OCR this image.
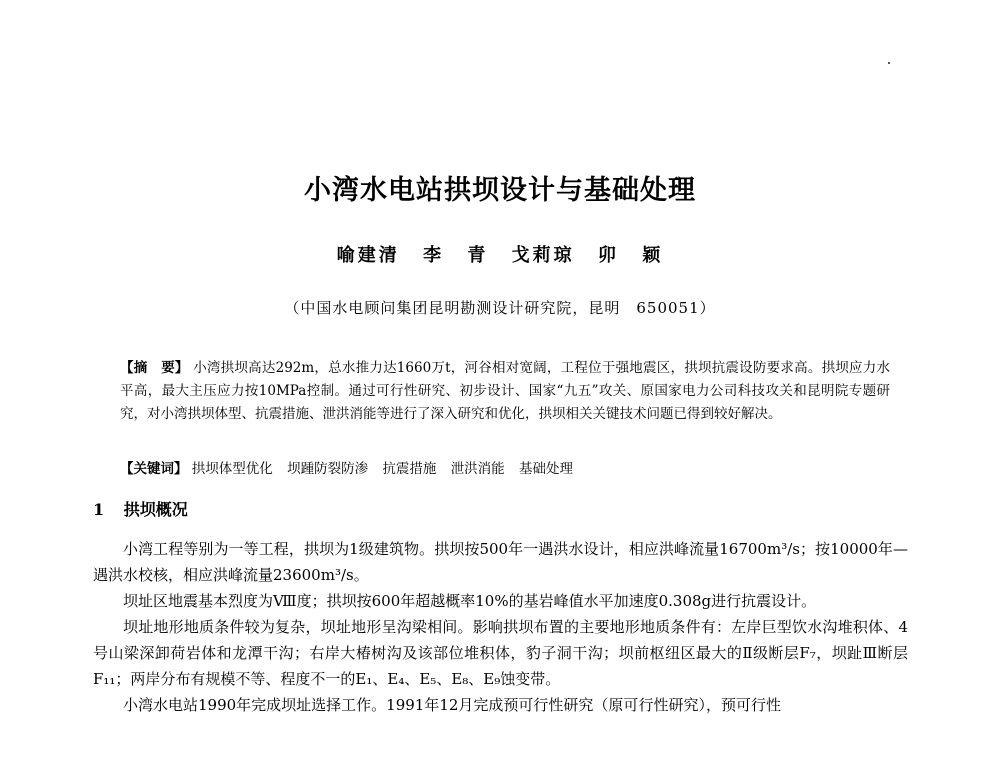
小湾水电站拱坝设计与基础处理
喻建清 李 青 戈莉琼 卯 颖
（中国水电顾问集团昆明勘测设计研究院，昆明　650051）
【摘　要】 小湾拱坝高达292m，总水推力达1660万t，河谷相对宽阔，工程位于强地震区，拱坝抗震设防要求高。拱坝应力水平高，最大主压应力按10MPa控制。通过可行性研究、初步设计、国家“九五”攻关、原国家电力公司科技攻关和昆明院专题研究，对小湾拱坝体型、抗震措施、泄洪消能等进行了深入研究和优化，拱坝相关关键技术问题已得到较好解决。
【关键词】 拱坝体型优化 坝踵防裂防渗 抗震措施 泄洪消能 基础处理
1 拱坝概况

小湾工程等别为一等工程，拱坝为1级建筑物。拱坝按500年一遇洪水设计，相应洪峰流量16700m³/s；按10000年—遇洪水校核，相应洪峰流量23600m³/s。

坝址区地震基本烈度为Ⅷ度；拱坝按600年超越概率10%的基岩峰值水平加速度0.308g进行抗震设计。

坝址地形地质条件较为复杂，坝址地形呈沟梁相间。影响拱坝布置的主要地形地质条件有：左岸巨型饮水沟堆积体、4号山梁深卸荷岩体和龙潭干沟；右岸大椿树沟及该部位堆积体，豹子洞干沟；坝前枢纽区最大的Ⅱ级断层F₇，坝趾Ⅲ断层F₁₁；两岸分布有规模不等、程度不一的E₁、E₄、E₅、E₈、E₉蚀变带。

小湾水电站1990年完成坝址选择工作。1991年12月完成预可行性研究（原可行性研究），预可行性
